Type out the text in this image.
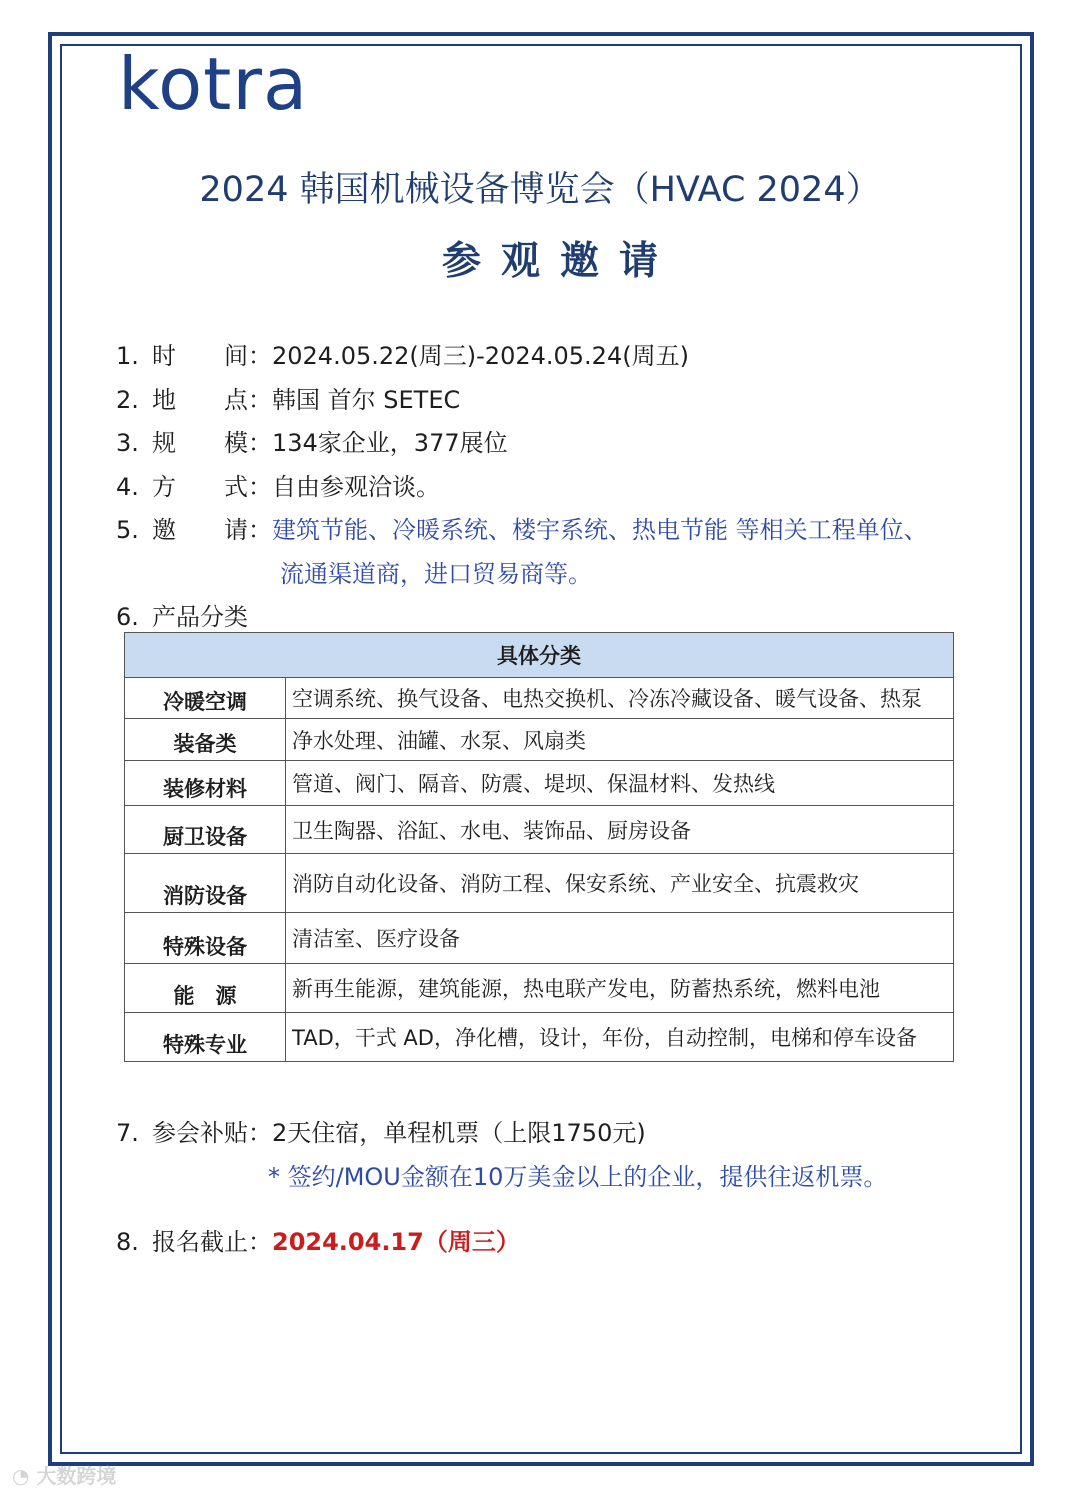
kotra
2024 韩国机械设备博览会（HVAC 2024）
参观邀请
1. 时　　间：2024.05.22(周三)-2024.05.24(周五)
2. 地　　点：韩国 首尔 SETEC
3. 规　　模：134家企业，377展位
4. 方　　式：自由参观洽谈。
5. 邀　　请：建筑节能、冷暖系统、楼宇系统、热电节能 等相关工程单位、
流通渠道商，进口贸易商等。
6. 产品分类
具体分类	
冷暖空调	空调系统、换气设备、电热交换机、冷冻冷藏设备、暖气设备、热泵
装备类	净水处理、油罐、水泵、风扇类
装修材料	管道、阀门、隔音、防震、堤坝、保温材料、发热线
厨卫设备	卫生陶器、浴缸、水电、装饰品、厨房设备
消防设备	消防自动化设备、消防工程、保安系统、产业安全、抗震救灾
特殊设备	清洁室、医疗设备
能　源	新再生能源，建筑能源，热电联产发电，防蓄热系统，燃料电池
特殊专业	TAD，干式 AD，净化槽，设计，年份，自动控制，电梯和停车设备
7. 参会补贴：2天住宿，单程机票（上限1750元)
* 签约/MOU金额在10万美金以上的企业，提供往返机票。
8. 报名截止：2024.04.17（周三）
◔ 大数跨境
